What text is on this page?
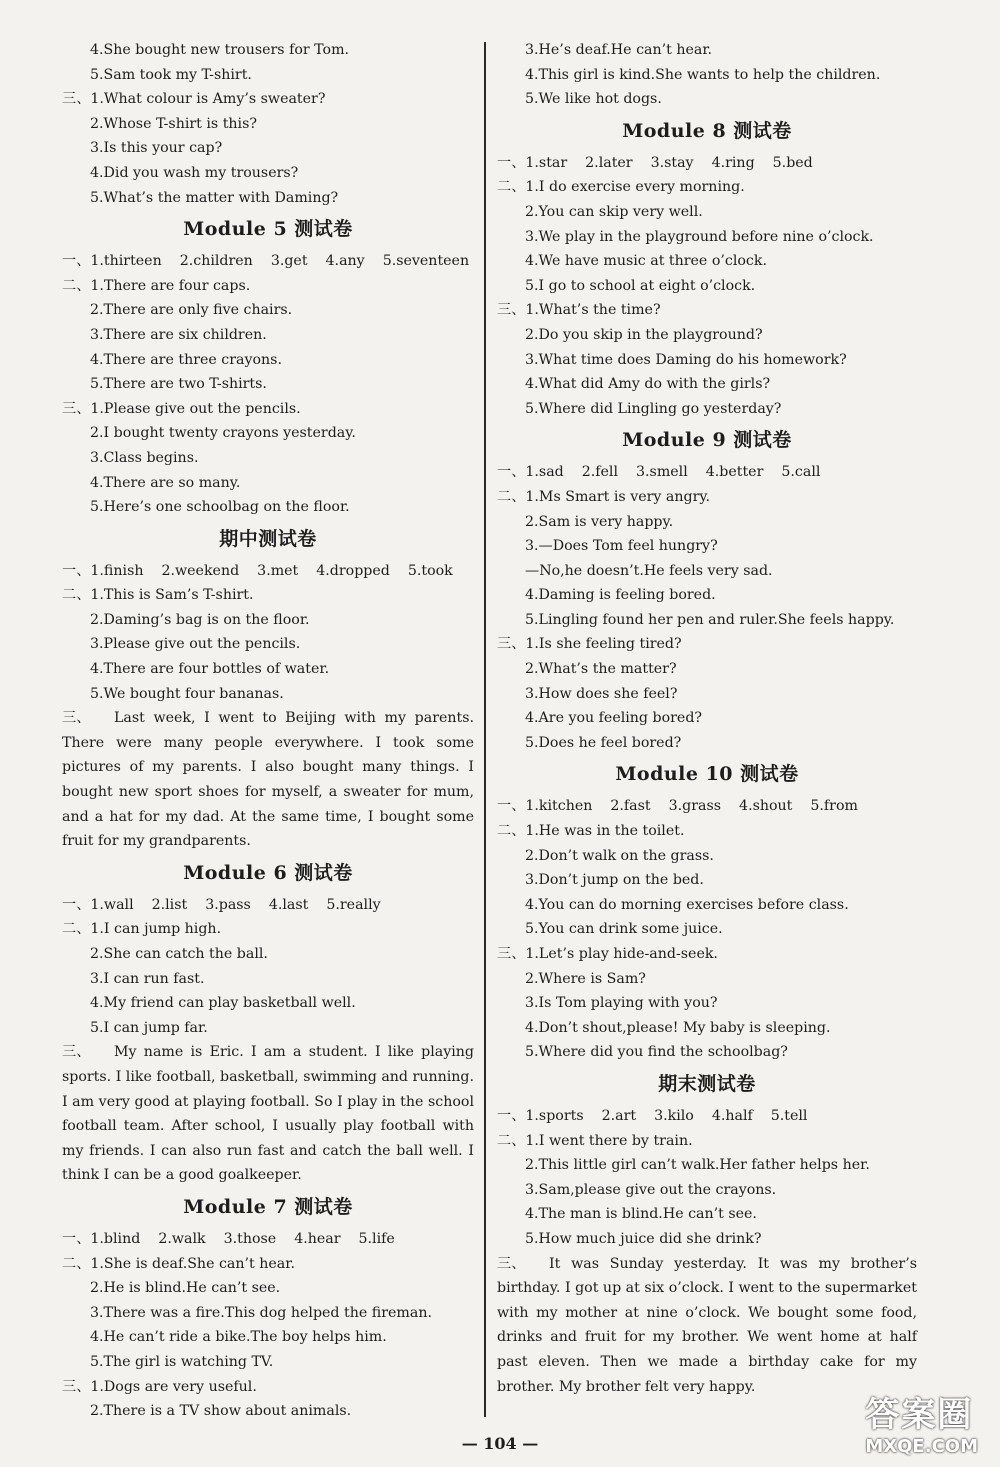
4.She bought new trousers for Tom.
5.Sam took my T-shirt.
三、1.What colour is Amy’s sweater?
2.Whose T-shirt is this?
3.Is this your cap?
4.Did you wash my trousers?
5.What’s the matter with Daming?
Module 5 测试卷
一、1.thirteen 2.children 3.get 4.any 5.seventeen
二、1.There are four caps.
2.There are only five chairs.
3.There are six children.
4.There are three crayons.
5.There are two T-shirts.
三、1.Please give out the pencils.
2.I bought twenty crayons yesterday.
3.Class begins.
4.There are so many.
5.Here’s one schoolbag on the floor.
期中测试卷
一、1.finish 2.weekend 3.met 4.dropped 5.took
二、1.This is Sam’s T-shirt.
2.Daming’s bag is on the floor.
3.Please give out the pencils.
4.There are four bottles of water.
5.We bought four bananas.
三、 Last week, I went to Beijing with my parents. There were many people everywhere. I took some pictures of my parents. I also bought many things. I bought new sport shoes for myself, a sweater for mum, and a hat for my dad. At the same time, I bought some fruit for my grandparents.
Module 6 测试卷
一、1.wall 2.list 3.pass 4.last 5.really
二、1.I can jump high.
2.She can catch the ball.
3.I can run fast.
4.My friend can play basketball well.
5.I can jump far.
三、 My name is Eric. I am a student. I like playing sports. I like football, basketball, swimming and running. I am very good at playing football. So I play in the school football team. After school, I usually play football with my friends. I can also run fast and catch the ball well. I think I can be a good goalkeeper.
Module 7 测试卷
一、1.blind 2.walk 3.those 4.hear 5.life
二、1.She is deaf.She can’t hear.
2.He is blind.He can’t see.
3.There was a fire.This dog helped the fireman.
4.He can’t ride a bike.The boy helps him.
5.The girl is watching TV.
三、1.Dogs are very useful.
2.There is a TV show about animals.
3.He’s deaf.He can’t hear.
4.This girl is kind.She wants to help the children.
5.We like hot dogs.
Module 8 测试卷
一、1.star 2.later 3.stay 4.ring 5.bed
二、1.I do exercise every morning.
2.You can skip very well.
3.We play in the playground before nine o’clock.
4.We have music at three o’clock.
5.I go to school at eight o’clock.
三、1.What’s the time?
2.Do you skip in the playground?
3.What time does Daming do his homework?
4.What did Amy do with the girls?
5.Where did Lingling go yesterday?
Module 9 测试卷
一、1.sad 2.fell 3.smell 4.better 5.call
二、1.Ms Smart is very angry.
2.Sam is very happy.
3.—Does Tom feel hungry?
—No,he doesn’t.He feels very sad.
4.Daming is feeling bored.
5.Lingling found her pen and ruler.She feels happy.
三、1.Is she feeling tired?
2.What’s the matter?
3.How does she feel?
4.Are you feeling bored?
5.Does he feel bored?
Module 10 测试卷
一、1.kitchen 2.fast 3.grass 4.shout 5.from
二、1.He was in the toilet.
2.Don’t walk on the grass.
3.Don’t jump on the bed.
4.You can do morning exercises before class.
5.You can drink some juice.
三、1.Let’s play hide-and-seek.
2.Where is Sam?
3.Is Tom playing with you?
4.Don’t shout,please! My baby is sleeping.
5.Where did you find the schoolbag?
期末测试卷
一、1.sports 2.art 3.kilo 4.half 5.tell
二、1.I went there by train.
2.This little girl can’t walk.Her father helps her.
3.Sam,please give out the crayons.
4.The man is blind.He can’t see.
5.How much juice did she drink?
三、 It was Sunday yesterday. It was my brother’s birthday. I got up at six o’clock. I went to the supermarket with my mother at nine o’clock. We bought some food, drinks and fruit for my brother. We went home at half past eleven. Then we made a birthday cake for my brother. My brother felt very happy.
— 104 —
答案圈
MXQE.COM
